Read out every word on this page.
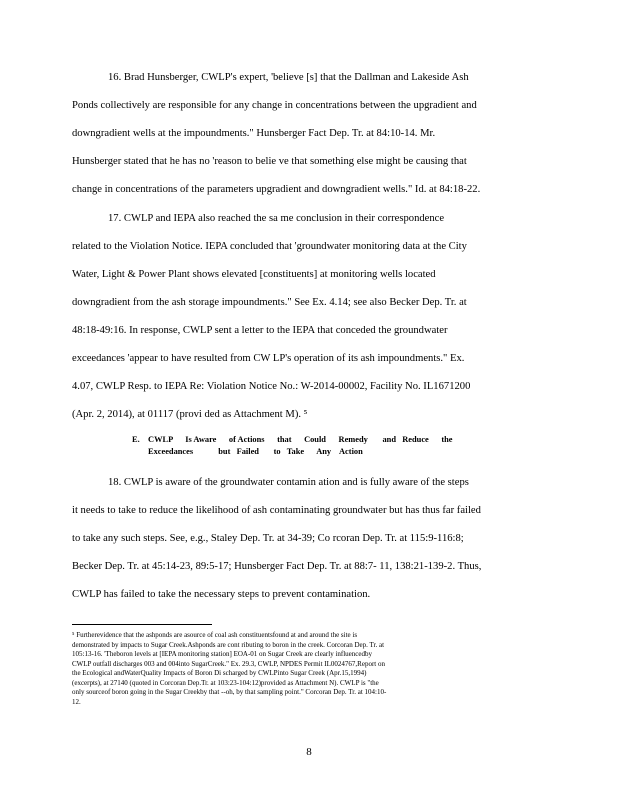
16. Brad Hunsberger, CWLP's expert, 'believe [s] that the Dallman and Lakeside Ash
Ponds collectively are responsible for any change in concentrations between the upgradient and
downgradient wells at the impoundments." Hunsberger Fact Dep. Tr. at 84:10-14. Mr.
Hunsberger stated that he has no 'reason to belie ve that something else might be causing that
change in concentrations of the parameters upgradient and downgradient wells." Id. at 84:18-22.
17. CWLP and IEPA also reached the sa me conclusion in their correspondence
related to the Violation Notice. IEPA concluded that 'groundwater monitoring data at the City
Water, Light & Power Plant shows elevated [constituents] at monitoring wells located
downgradient from the ash storage impoundments." See Ex. 4.14; see also Becker Dep. Tr. at
48:18-49:16. In response, CWLP sent a letter to the IEPA that conceded the groundwater
exceedances 'appear to have resulted from CW LP's operation of its ash impoundments." Ex.
4.07, CWLP Resp. to IEPA Re: Violation Notice No.: W-2014-00002, Facility No. IL1671200
(Apr. 2, 2014), at 01117 (provi ded as Attachment M). ⁵
E.    CWLP      Is Aware      of Actions      that      Could      Remedy       and   Reduce      the
Exceedances            but   Failed       to   Take      Any    Action
18. CWLP is aware of the groundwater contamin ation and is fully aware of the steps
it needs to take to reduce the likelihood of ash contaminating groundwater but has thus far failed
to take any such steps. See, e.g., Staley Dep. Tr. at 34-39; Co rcoran Dep. Tr. at 115:9-116:8;
Becker Dep. Tr. at 45:14-23, 89:5-17; Hunsberger Fact Dep. Tr. at 88:7- 11, 138:21-139-2. Thus,
CWLP has failed to take the necessary steps to prevent contamination.
⁵ Furtherevidence that the ashponds are asource of coal ash constituentsfound at and around the site is
demonstrated by impacts to Sugar Creek.Ashponds are cont ributing to boron in the creek. Corcoran Dep. Tr. at
105:13-16. 'Theboron levels at [IEPA monitoring station] EOA-01 on Sugar Creek are clearly influencedby
CWLP outfall discharges 003 and 004into SugarCreek." Ex. 29.3, CWLP, NPDES Permit IL0024767,Report on
the Ecological andWaterQuality Impacts of Boron Di scharged by CWLPinto Sugar Creek (Apr.15,1994)
(excerpts), at 27140 (quoted in Corcoran Dep.Tr. at 103:23-104:12)provided as Attachment N). CWLP is "the
only sourceof boron going in the Sugar Creekby that --oh, by that sampling point." Corcoran Dep. Tr. at 104:10-
12.
8
